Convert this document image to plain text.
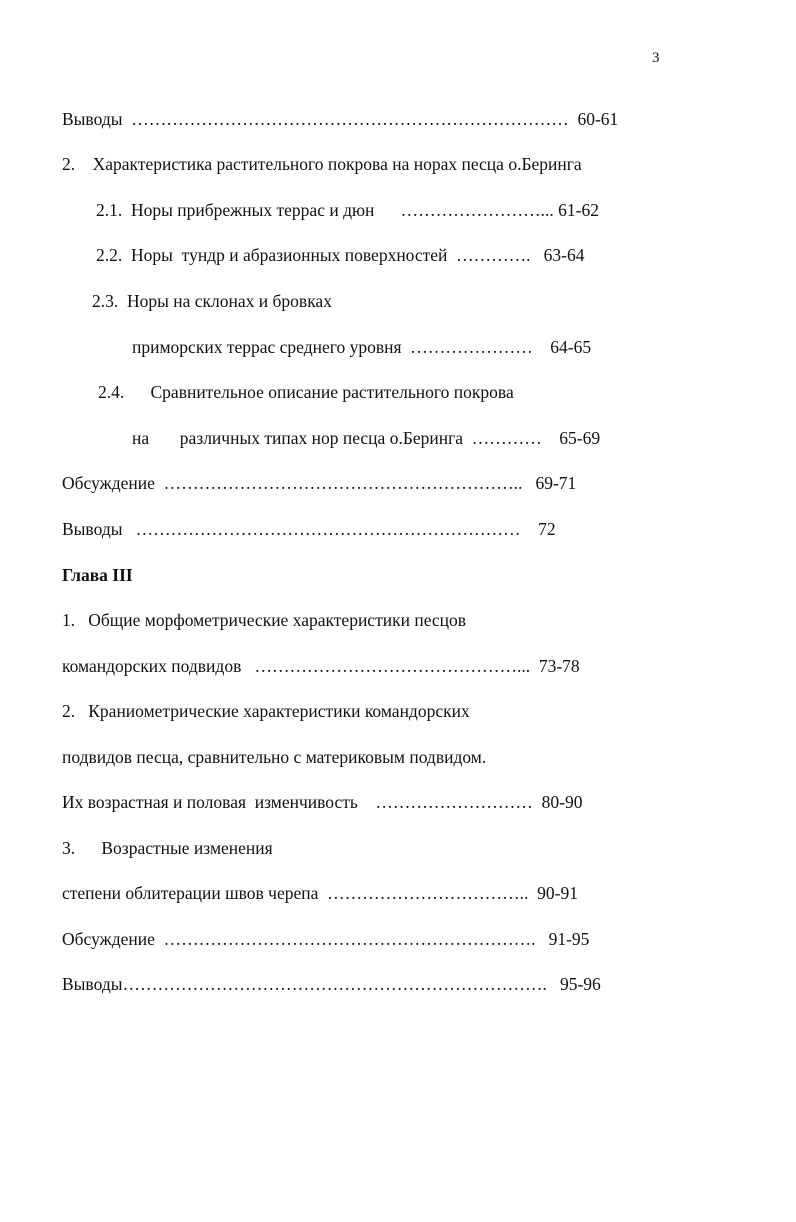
3
Выводы  …………………………………………………………………  60-61
2.    Характеристика растительного покрова на норах песца о.Беринга
2.1.  Норы прибрежных террас и дюн      ……………………... 61-62
2.2.  Норы  тундр и абразионных поверхностей  ………….   63-64
2.3.  Норы на склонах и бровках
приморских террас среднего уровня  …………………    64-65
2.4.      Сравнительное описание растительного покрова
на       различных типах нор песца о.Беринга  …………    65-69
Обсуждение  ……………………………………………………..   69-71
Выводы   …………………………………………………………    72
Глава III
1.   Общие морфометрические характеристики песцов
командорских подвидов   ………………………………………...  73-78
2.   Краниометрические характеристики командорских
подвидов песца, сравнительно с материковым подвидом.
Их возрастная и половая  изменчивость    ………………………  80-90
3.      Возрастные изменения
степени облитерации швов черепа  ……………………………..  90-91
Обсуждение  ……………………………………………………….   91-95
Выводы……………………………………………………………….   95-96
